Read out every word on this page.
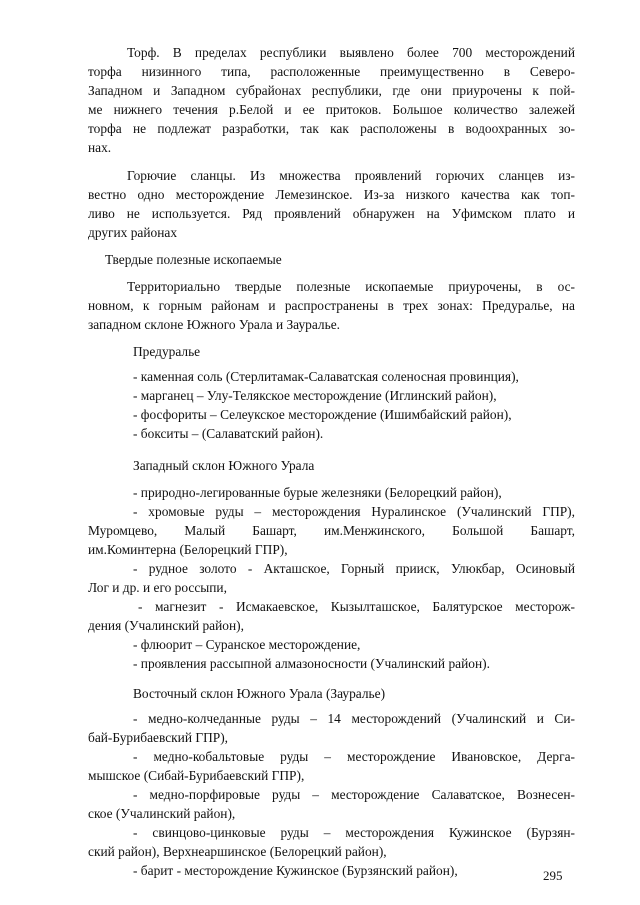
Торф. В пределах республики выявлено более 700 месторождений
торфа низинного типа, расположенные преимущественно в Северо-
Западном и Западном субрайонах республики, где они приурочены к пой-
ме нижнего течения р.Белой и ее притоков. Большое количество залежей
торфа не подлежат разработки, так как расположены в водоохранных зо-
нах.
Горючие сланцы. Из множества проявлений горючих сланцев из-
вестно одно месторождение Лемезинское. Из-за низкого качества как топ-
ливо не используется. Ряд проявлений обнаружен на Уфимском плато и
других районах
Твердые полезные ископаемые
Территориально твердые полезные ископаемые приурочены, в ос-
новном, к горным районам и распространены в трех зонах: Предуралье, на
западном склоне Южного Урала и Зауралье.
Предуралье
- каменная соль (Стерлитамак-Салаватская соленосная провинция),
- марганец – Улу-Телякское месторождение (Иглинский район),
- фосфориты – Селеукское месторождение (Ишимбайский район),
- бокситы – (Салаватский район).
Западный склон Южного Урала
- природно-легированные бурые железняки (Белорецкий район),
- хромовые руды – месторождения Нуралинское (Учалинский ГПР),
Муромцево, Малый Башарт, им.Менжинского, Большой Башарт,
им.Коминтерна (Белорецкий ГПР),
- рудное золото - Акташское, Горный прииск, Улюкбар, Осиновый
Лог и др. и его россыпи,
- магнезит - Исмакаевское, Кызылташское, Балятурское месторож-
дения (Учалинский район),
- флюорит – Суранское месторождение,
- проявления рассыпной алмазоносности (Учалинский район).
Восточный склон Южного Урала (Зауралье)
- медно-колчеданные руды – 14 месторождений (Учалинский и Си-
бай-Бурибаевский ГПР),
- медно-кобальтовые руды – месторождение Ивановское, Дерга-
мышское (Сибай-Бурибаевский ГПР),
- медно-порфировые руды – месторождение Салаватское, Вознесен-
ское (Учалинский район),
- свинцово-цинковые руды – месторождения Кужинское (Бурзян-
ский район), Верхнеаршинское (Белорецкий район),
- барит - месторождение Кужинское (Бурзянский район),	295
